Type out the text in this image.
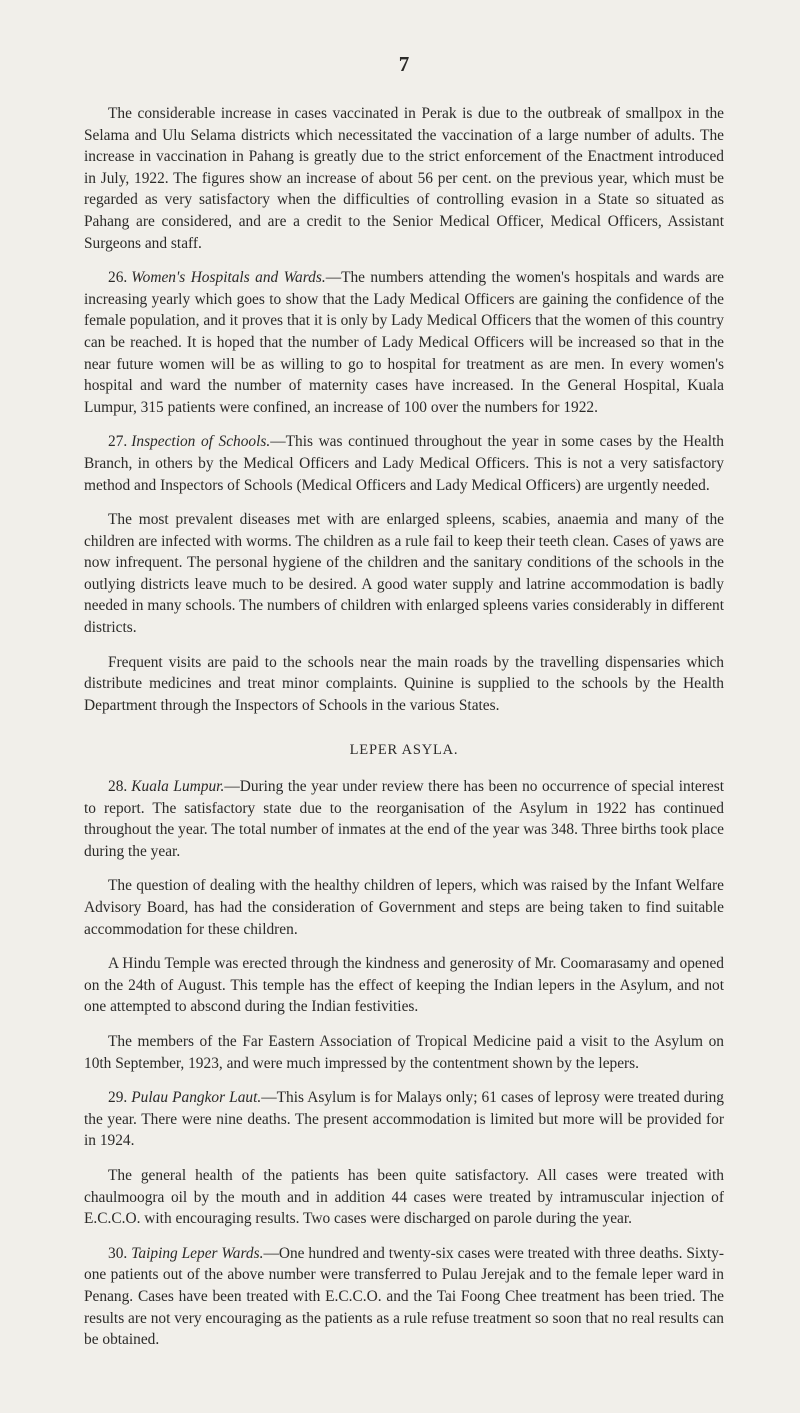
7

The considerable increase in cases vaccinated in Perak is due to the outbreak of smallpox in the Selama and Ulu Selama districts which necessitated the vaccination of a large number of adults. The increase in vaccination in Pahang is greatly due to the strict enforcement of the Enactment introduced in July, 1922. The figures show an increase of about 56 per cent. on the previous year, which must be regarded as very satisfactory when the difficulties of controlling evasion in a State so situated as Pahang are considered, and are a credit to the Senior Medical Officer, Medical Officers, Assistant Surgeons and staff.

26. Women's Hospitals and Wards.—The numbers attending the women's hospitals and wards are increasing yearly which goes to show that the Lady Medical Officers are gaining the confidence of the female population, and it proves that it is only by Lady Medical Officers that the women of this country can be reached. It is hoped that the number of Lady Medical Officers will be increased so that in the near future women will be as willing to go to hospital for treatment as are men. In every women's hospital and ward the number of maternity cases have increased. In the General Hospital, Kuala Lumpur, 315 patients were confined, an increase of 100 over the numbers for 1922.

27. Inspection of Schools.—This was continued throughout the year in some cases by the Health Branch, in others by the Medical Officers and Lady Medical Officers. This is not a very satisfactory method and Inspectors of Schools (Medical Officers and Lady Medical Officers) are urgently needed.

The most prevalent diseases met with are enlarged spleens, scabies, anaemia and many of the children are infected with worms. The children as a rule fail to keep their teeth clean. Cases of yaws are now infrequent. The personal hygiene of the children and the sanitary conditions of the schools in the outlying districts leave much to be desired. A good water supply and latrine accommodation is badly needed in many schools. The numbers of children with enlarged spleens varies considerably in different districts.

Frequent visits are paid to the schools near the main roads by the travelling dispensaries which distribute medicines and treat minor complaints. Quinine is supplied to the schools by the Health Department through the Inspectors of Schools in the various States.

LEPER ASYLA.

28. Kuala Lumpur.—During the year under review there has been no occurrence of special interest to report. The satisfactory state due to the reorganisation of the Asylum in 1922 has continued throughout the year. The total number of inmates at the end of the year was 348. Three births took place during the year.

The question of dealing with the healthy children of lepers, which was raised by the Infant Welfare Advisory Board, has had the consideration of Government and steps are being taken to find suitable accommodation for these children.

A Hindu Temple was erected through the kindness and generosity of Mr. Coomarasamy and opened on the 24th of August. This temple has the effect of keeping the Indian lepers in the Asylum, and not one attempted to abscond during the Indian festivities.

The members of the Far Eastern Association of Tropical Medicine paid a visit to the Asylum on 10th September, 1923, and were much impressed by the contentment shown by the lepers.

29. Pulau Pangkor Laut.—This Asylum is for Malays only; 61 cases of leprosy were treated during the year. There were nine deaths. The present accommodation is limited but more will be provided for in 1924.

The general health of the patients has been quite satisfactory. All cases were treated with chaulmoogra oil by the mouth and in addition 44 cases were treated by intramuscular injection of E.C.C.O. with encouraging results. Two cases were discharged on parole during the year.

30. Taiping Leper Wards.—One hundred and twenty-six cases were treated with three deaths. Sixty-one patients out of the above number were transferred to Pulau Jerejak and to the female leper ward in Penang. Cases have been treated with E.C.C.O. and the Tai Foong Chee treatment has been tried. The results are not very encouraging as the patients as a rule refuse treatment so soon that no real results can be obtained.
